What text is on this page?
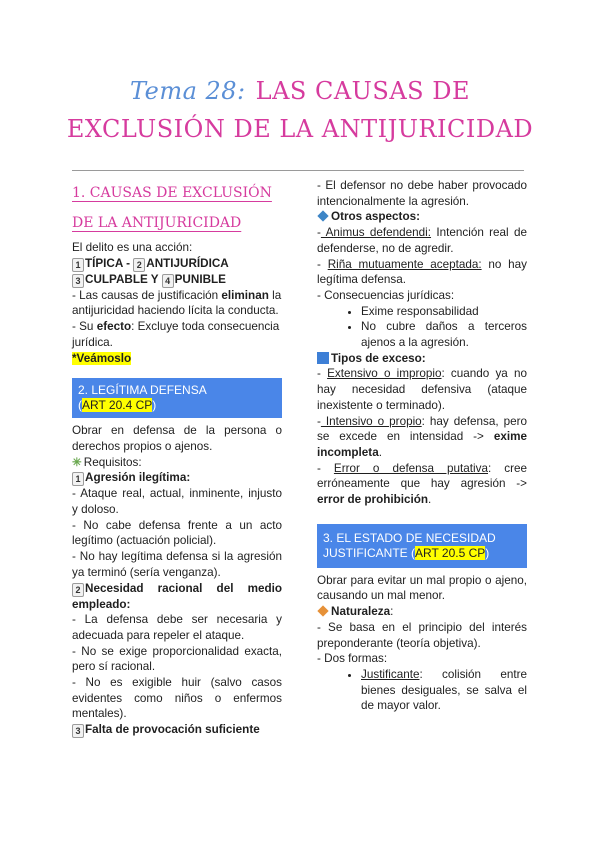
Tema 28: LAS CAUSAS DE EXCLUSIÓN DE LA ANTIJURICIDAD
1. CAUSAS DE EXCLUSIÓN DE LA ANTIJURICIDAD

El delito es una acción:

1 TÍPICA - 2 ANTIJURÍDICA

3 CULPABLE Y 4 PUNIBLE

- Las causas de justificación eliminan la antijuricidad haciendo lícita la conducta.

- Su efecto: Excluye toda consecuencia jurídica.

*Veámoslo

2. LEGÍTIMA DEFENSA
(ART 20.4 CP)

Obrar en defensa de la persona o derechos propios o ajenos.

✳ Requisitos:

1 Agresión ilegítima:

- Ataque real, actual, inminente, injusto y doloso.

- No cabe defensa frente a un acto legítimo (actuación policial).

- No hay legítima defensa si la agresión ya terminó (sería venganza).

2 Necesidad racional del medio empleado:

- La defensa debe ser necesaria y adecuada para repeler el ataque.

- No se exige proporcionalidad exacta, pero sí racional.

- No es exigible huir (salvo casos evidentes como niños o enfermos mentales).

3 Falta de provocación suficiente

- El defensor no debe haber provocado intencionalmente la agresión.

Otros aspectos:

- Animus defendendi: Intención real de defenderse, no de agredir.

- Riña mutuamente aceptada: no hay legítima defensa.

- Consecuencias jurídicas:

• Exime responsabilidad
• No cubre daños a terceros ajenos a la agresión.

Tipos de exceso:

- Extensivo o impropio: cuando ya no hay necesidad defensiva (ataque inexistente o terminado).

- Intensivo o propio: hay defensa, pero se excede en intensidad -> exime incompleta.

- Error o defensa putativa: cree erróneamente que hay agresión -> error de prohibición.

3. EL ESTADO DE NECESIDAD JUSTIFICANTE (ART 20.5 CP)

Obrar para evitar un mal propio o ajeno, causando un mal menor.

Naturaleza:

- Se basa en el principio del interés preponderante (teoría objetiva).

- Dos formas:

• Justificante: colisión entre bienes desiguales, se salva el de mayor valor.
